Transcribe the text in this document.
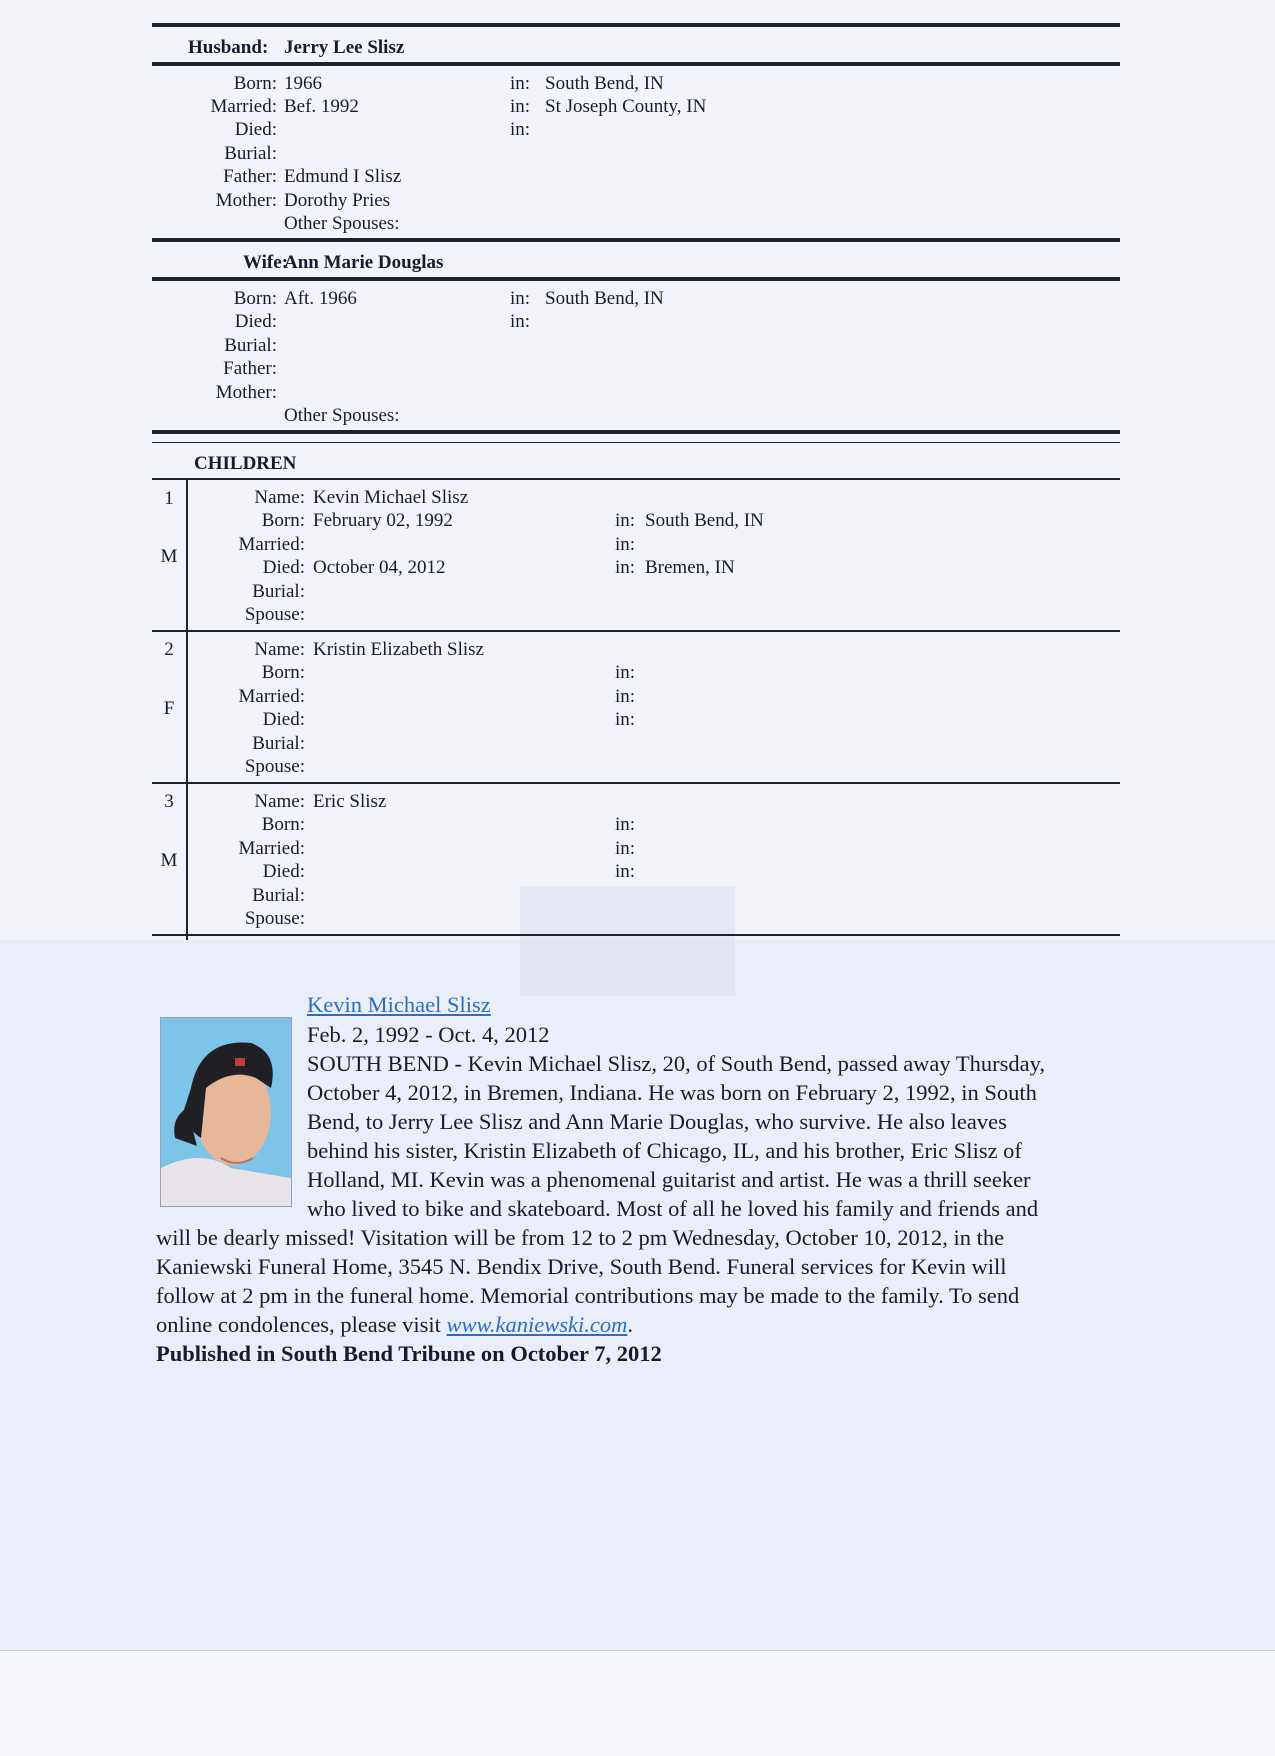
Husband: Jerry Lee Slisz
Born: 1966	in: South Bend, IN
Married: Bef. 1992	in: St Joseph County, IN
Died:	in:
Burial:
Father: Edmund I Slisz
Mother: Dorothy Pries
Other Spouses:
Wife:
Ann Marie Douglas
Born: Aft. 1966	in: South Bend, IN
Died:	in:
Burial:
Father:
Mother:
Other Spouses:
CHILDREN
1
M
Name: Kevin Michael Slisz
Born: February 02, 1992	in: South Bend, IN
Married:	in:
Died: October 04, 2012	in: Bremen, IN
Burial:
Spouse:
2
F
Name: Kristin Elizabeth Slisz
Born:	in:
Married:	in:
Died:	in:
Burial:
Spouse:
3
M
Name: Eric Slisz
Born:	in:
Married:	in:
Died:	in:
Burial:
Spouse:
Kevin Michael Slisz
Feb. 2, 1992 - Oct. 4, 2012
SOUTH BEND - Kevin Michael Slisz, 20, of South Bend, passed away Thursday,
October 4, 2012, in Bremen, Indiana. He was born on February 2, 1992, in South
Bend, to Jerry Lee Slisz and Ann Marie Douglas, who survive. He also leaves
behind his sister, Kristin Elizabeth of Chicago, IL, and his brother, Eric Slisz of
Holland, MI. Kevin was a phenomenal guitarist and artist. He was a thrill seeker
who lived to bike and skateboard. Most of all he loved his family and friends and
will be dearly missed! Visitation will be from 12 to 2 pm Wednesday, October 10, 2012, in the
Kaniewski Funeral Home, 3545 N. Bendix Drive, South Bend. Funeral services for Kevin will
follow at 2 pm in the funeral home. Memorial contributions may be made to the family. To send
online condolences, please visit www.kaniewski.com.
Published in South Bend Tribune on October 7, 2012
